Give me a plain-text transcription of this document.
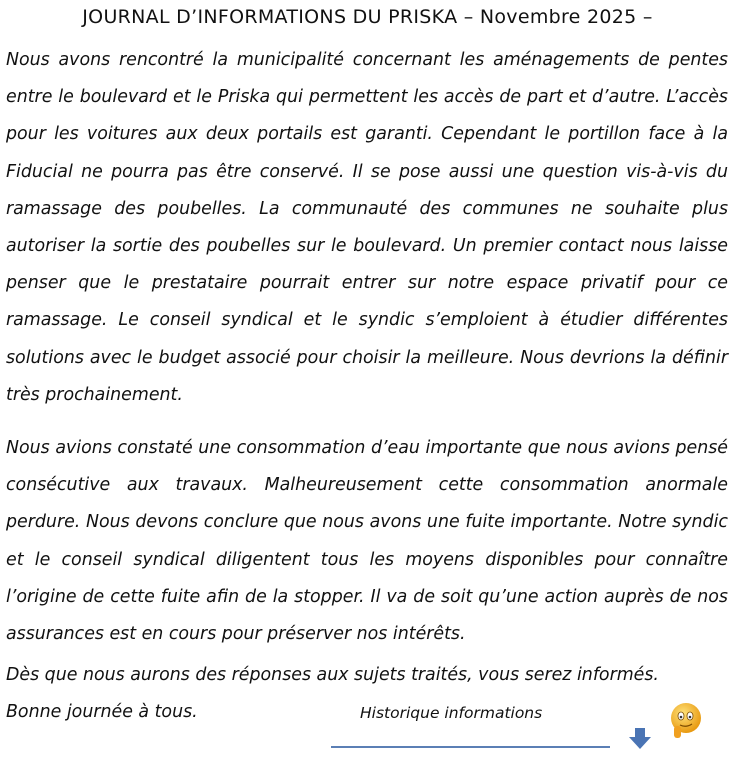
JOURNAL D’INFORMATIONS DU PRISKA – Novembre 2025 –
Nous avons rencontré la municipalité concernant les aménagements de pentes entre le boulevard et le Priska qui permettent les accès de part et d’autre. L’accès pour les voitures aux deux portails est garanti. Cependant le portillon face à la Fiducial ne pourra pas être conservé. Il se pose aussi une question vis-à-vis du ramassage des poubelles. La communauté des communes ne souhaite plus autoriser la sortie des poubelles sur le boulevard. Un premier contact nous laisse penser que le prestataire pourrait entrer sur notre espace privatif pour ce ramassage. Le conseil syndical et le syndic s’emploient à étudier différentes solutions avec le budget associé pour choisir la meilleure. Nous devrions la définir très prochainement.
Nous avions constaté une consommation d’eau importante que nous avions pensé consécutive aux travaux. Malheureusement cette consommation anormale perdure. Nous devons conclure que nous avons une fuite importante. Notre syndic et le conseil syndical diligentent tous les moyens disponibles pour connaître l’origine de cette fuite afin de la stopper. Il va de soit qu’une action auprès de nos assurances est en cours pour préserver nos intérêts.
Dès que nous aurons des réponses aux sujets traités, vous serez informés.
Bonne journée à tous.	Historique informations
